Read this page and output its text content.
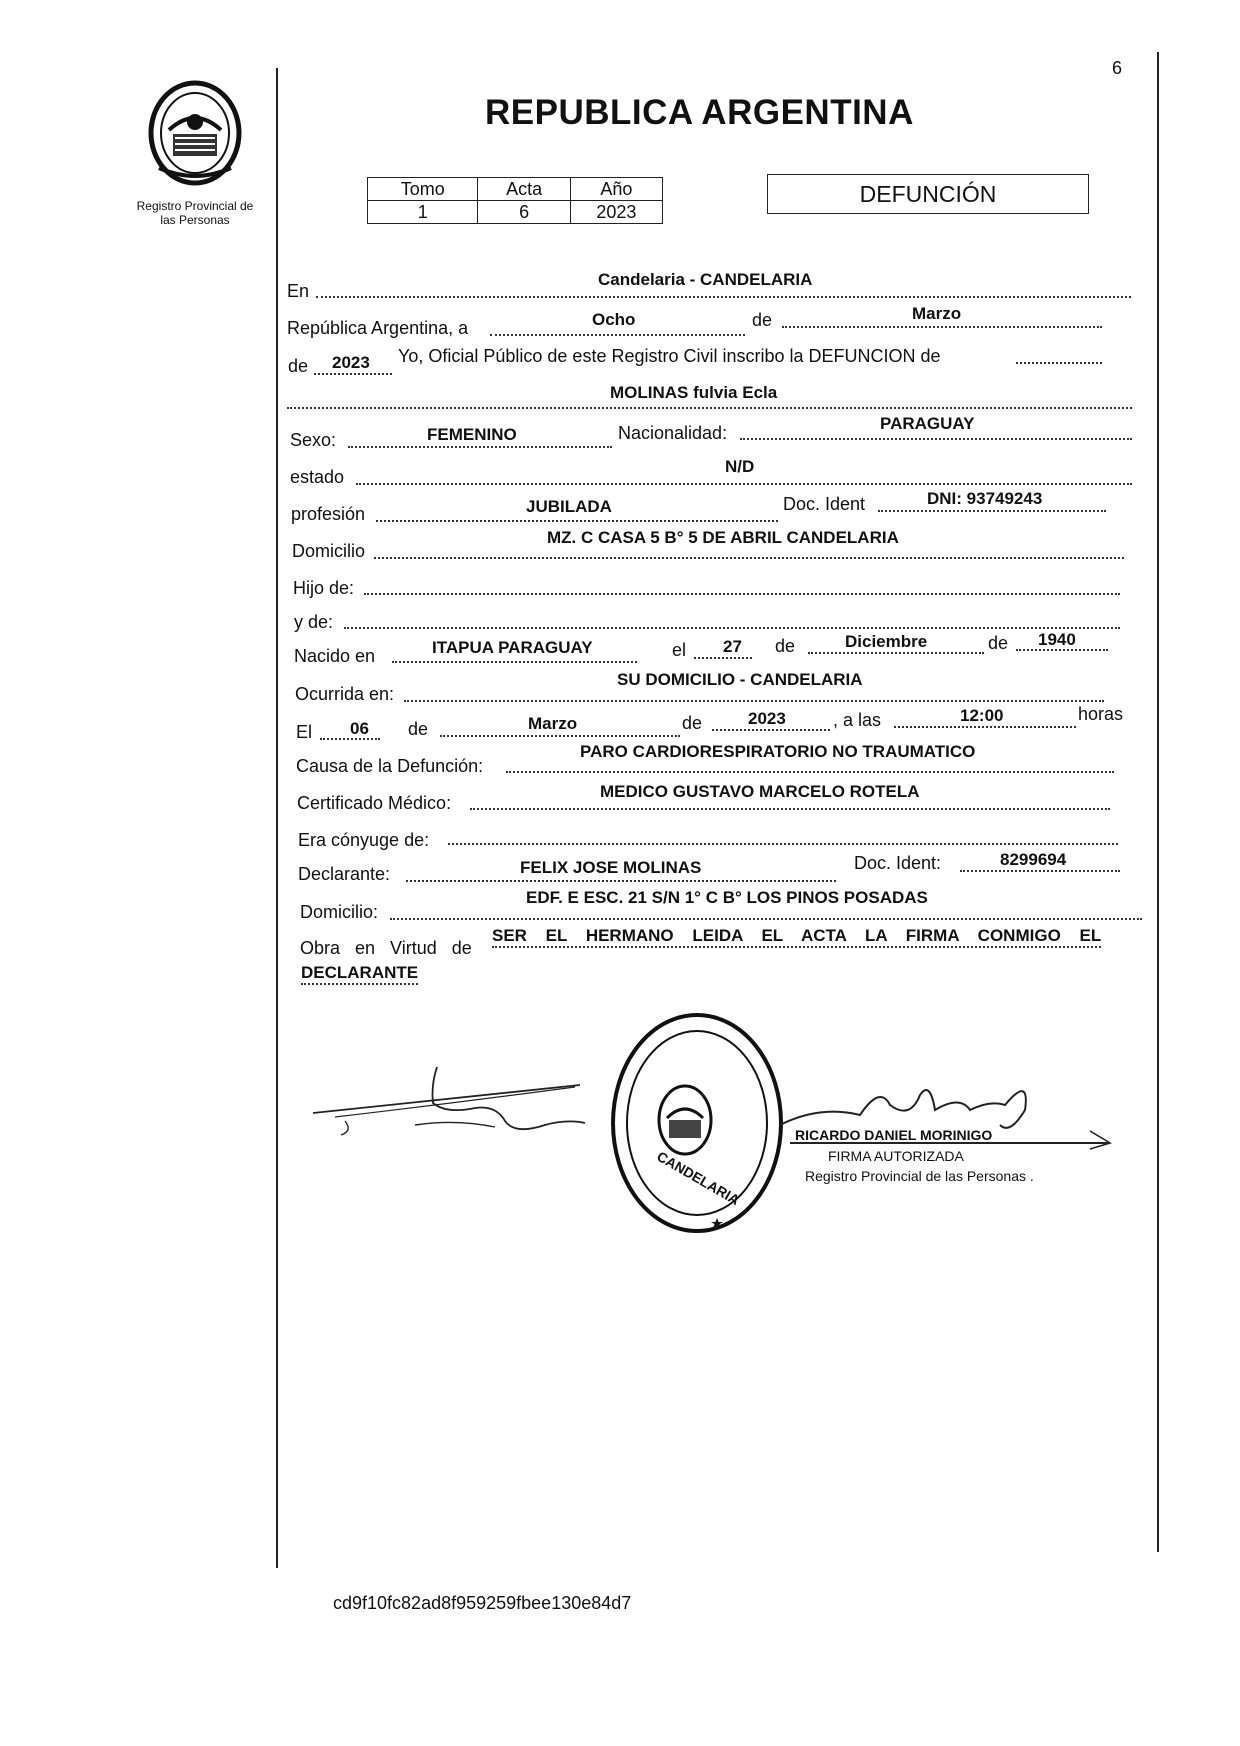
6
Registro Provincial de
las Personas
REPUBLICA ARGENTINA
Tomo	Acta	Año
1	6	2023
DEFUNCIÓN
En
Candelaria - CANDELARIA
República Argentina, a	Ocho	de	Marzo
de 2023 Yo, Oficial Público de este Registro Civil inscribo la DEFUNCION de
MOLINAS fulvia Ecla
Sexo:	FEMENINO	Nacionalidad:	PARAGUAY
estado
N/D
profesión	JUBILADA	Doc. Ident	DNI: 93749243
Domicilio
MZ. C CASA 5 B° 5 DE ABRIL CANDELARIA
Hijo de:
y de:
Nacido en	ITAPUA PARAGUAY	el 27 de	Diciembre	de 1940
Ocurrida en:
SU DOMICILIO - CANDELARIA
El 06 de	Marzo	de	2023	, a las	12:00	horas
Causa de la Defunción:
PARO CARDIORESPIRATORIO NO TRAUMATICO
Certificado Médico:
MEDICO GUSTAVO MARCELO ROTELA
Era cónyuge de:
Declarante:	FELIX JOSE MOLINAS	Doc. Ident:	8299694
Domicilio:
EDF. E ESC. 21 S/N 1° C B° LOS PINOS POSADAS
Obra en Virtud de
SER EL HERMANO LEIDA EL ACTA LA FIRMA CONMIGO EL
DECLARANTE
CANDELARIA
RICARDO DANIEL MORINIGO
FIRMA AUTORIZADA
Registro Provincial de las Personas .
cd9f10fc82ad8f959259fbee130e84d7
